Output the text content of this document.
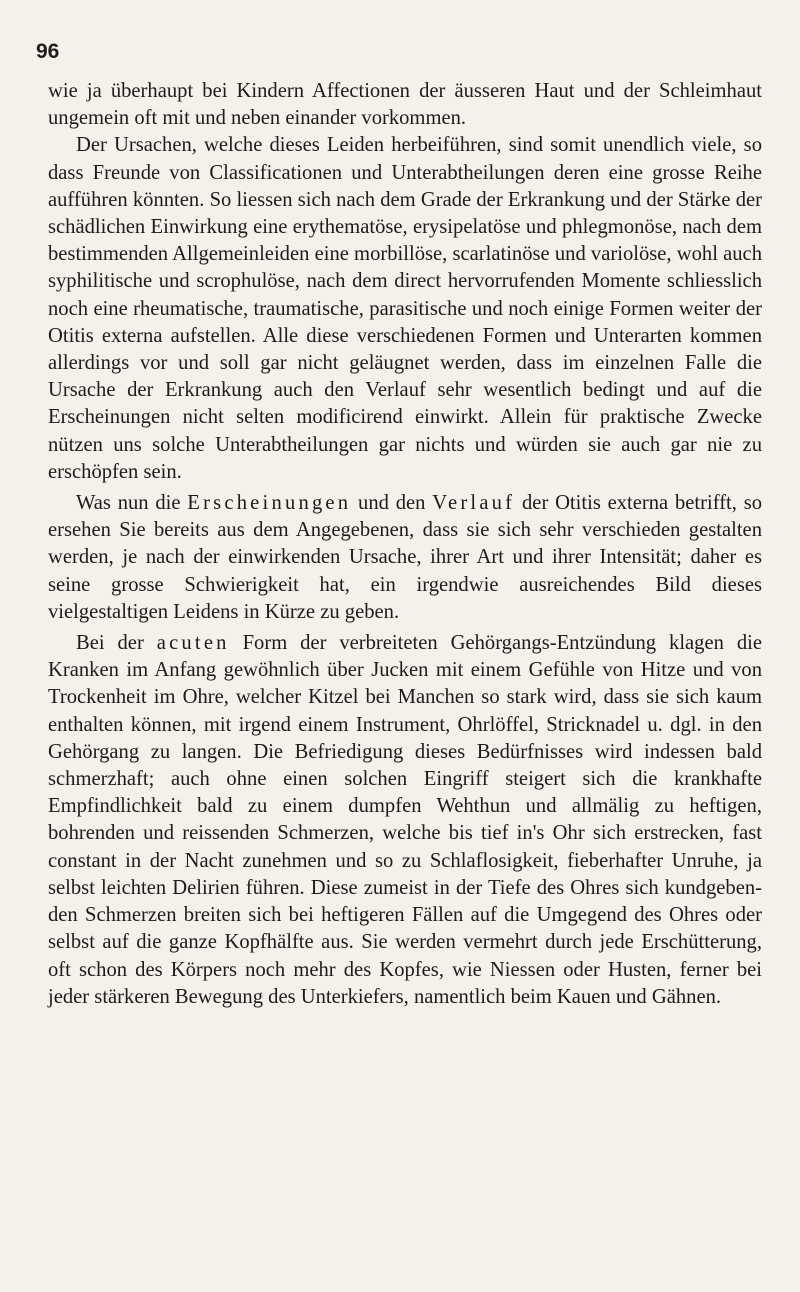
96

wie ja überhaupt bei Kindern Affectionen der äusseren Haut und der Schleimhaut ungemein oft mit und neben einander vorkommen.

Der Ursachen, welche dieses Leiden herbeiführen, sind somit unendlich viele, so dass Freunde von Classificationen und Unterabtheilungen deren eine grosse Reihe aufführen könnten. So liessen sich nach dem Grade der Erkrankung und der Stärke der schädlichen Einwirkung eine erythematöse, erysipelatöse und phlegmonöse, nach dem bestimmenden Allgemeinleiden eine morbillöse, scarlatinöse und variolöse, wohl auch syphilitische und scrophulöse, nach dem direct hervorrufenden Momente schliesslich noch eine rheumatische, traumatische, parasitische und noch einige Formen weiter der Otitis externa aufstellen. Alle diese verschiedenen Formen und Unterarten kommen allerdings vor und soll gar nicht geläugnet werden, dass im einzelnen Falle die Ursache der Erkrankung auch den Verlauf sehr wesentlich bedingt und auf die Erscheinungen nicht selten modificirend einwirkt. Allein für praktische Zwecke nützen uns solche Unterabtheilungen gar nichts und würden sie auch gar nie zu erschöpfen sein.

Was nun die Erscheinungen und den Verlauf der Otitis externa betrifft, so ersehen Sie bereits aus dem Angegebenen, dass sie sich sehr verschieden gestalten werden, je nach der einwirkenden Ursache, ihrer Art und ihrer Intensität; daher es seine grosse Schwierigkeit hat, ein irgendwie ausreichendes Bild dieses vielgestaltigen Leidens in Kürze zu geben.

Bei der acuten Form der verbreiteten Gehörgangs-Entzündung klagen die Kranken im Anfang gewöhnlich über Jucken mit einem Gefühle von Hitze und von Trockenheit im Ohre, welcher Kitzel bei Manchen so stark wird, dass sie sich kaum enthalten können, mit irgend einem Instrument, Ohrlöffel, Stricknadel u. dgl. in den Gehörgang zu langen. Die Befriedigung dieses Bedürfnisses wird indessen bald schmerzhaft; auch ohne einen solchen Eingriff steigert sich die krankhafte Empfindlichkeit bald zu einem dumpfen Wehthun und allmälig zu heftigen, bohrenden und reissenden Schmerzen, welche bis tief in's Ohr sich erstrecken, fast constant in der Nacht zunehmen und so zu Schlaflosigkeit, fieberhafter Unruhe, ja selbst leichten Delirien führen. Diese zumeist in der Tiefe des Ohres sich kundgebenden Schmerzen breiten sich bei heftigeren Fällen auf die Umgegend des Ohres oder selbst auf die ganze Kopfhälfte aus. Sie werden vermehrt durch jede Erschütterung, oft schon des Körpers noch mehr des Kopfes, wie Niessen oder Husten, ferner bei jeder stärkeren Bewegung des Unterkiefers, namentlich beim Kauen und Gähnen.
